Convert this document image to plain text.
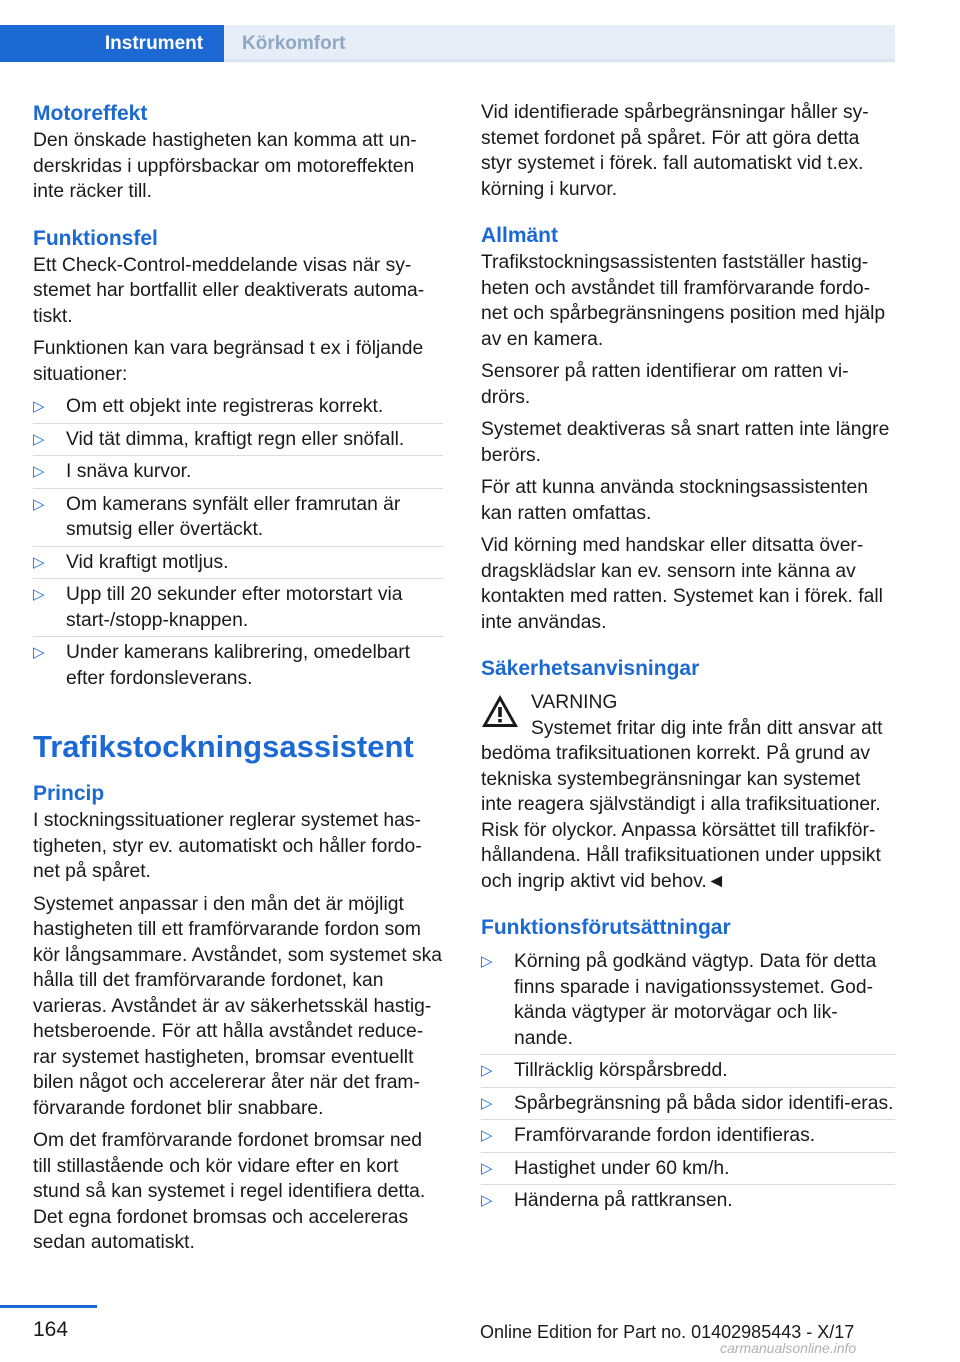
Instrument	Körkomfort
Motoreffekt

Den önskade hastigheten kan komma att un-derskridas i uppförsbackar om motoreffekten inte räcker till.

Funktionsfel

Ett Check-Control-meddelande visas när sy-stemet har bortfallit eller deaktiverats automa-tiskt.

Funktionen kan vara begränsad t ex i följande situationer:

▷ Om ett objekt inte registreras korrekt.
▷ Vid tät dimma, kraftigt regn eller snöfall.
▷ I snäva kurvor.
▷ Om kamerans synfält eller framrutan är smutsig eller övertäckt.
▷ Vid kraftigt motljus.
▷ Upp till 20 sekunder efter motorstart via start-/stopp-knappen.
▷ Under kamerans kalibrering, omedelbart efter fordonsleverans.
Trafikstockningsassistent
Princip

I stockningssituationer reglerar systemet has-tigheten, styr ev. automatiskt och håller fordo-net på spåret.

Systemet anpassar i den mån det är möjligt hastigheten till ett framförvarande fordon som kör långsammare. Avståndet, som systemet ska hålla till det framförvarande fordonet, kan varieras. Avståndet är av säkerhetsskäl hastig-hetsberoende. För att hålla avståndet reduce-rar systemet hastigheten, bromsar eventuellt bilen något och accelererar åter när det fram-förvarande fordonet blir snabbare.

Om det framförvarande fordonet bromsar ned till stillastående och kör vidare efter en kort stund så kan systemet i regel identifiera detta. Det egna fordonet bromsas och accelereras sedan automatiskt.

Vid identifierade spårbegränsningar håller sy-stemet fordonet på spåret. För att göra detta styr systemet i förek. fall automatiskt vid t.ex. körning i kurvor.

Allmänt

Trafikstockningsassistenten fastställer hastig-heten och avståndet till framförvarande fordo-net och spårbegränsningens position med hjälp av en kamera.

Sensorer på ratten identifierar om ratten vi-drörs.

Systemet deaktiveras så snart ratten inte längre berörs.

För att kunna använda stockningsassistenten kan ratten omfattas.

Vid körning med handskar eller ditsatta över-dragsklädslar kan ev. sensorn inte känna av kontakten med ratten. Systemet kan i förek. fall inte användas.

Säkerhetsanvisningar

VARNING

Systemet fritar dig inte från ditt ansvar att

bedöma trafiksituationen korrekt. På grund av tekniska systembegränsningar kan systemet inte reagera självständigt i alla trafiksituationer. Risk för olyckor. Anpassa körsättet till trafikför-hållandena. Håll trafiksituationen under uppsikt och ingrip aktivt vid behov.◄

Funktionsförutsättningar
▷ Körning på godkänd vägtyp. Data för detta finns sparade i navigationssystemet. God-kända vägtyper är motorvägar och lik-nande.
▷ Tillräcklig körspårsbredd.
▷ Spårbegränsning på båda sidor identifi-eras.
▷ Framförvarande fordon identifieras.
▷ Hastighet under 60 km/h.
▷ Händerna på rattkransen.
164	Online Edition for Part no. 01402985443 - X/17
carmanualsonline.info
